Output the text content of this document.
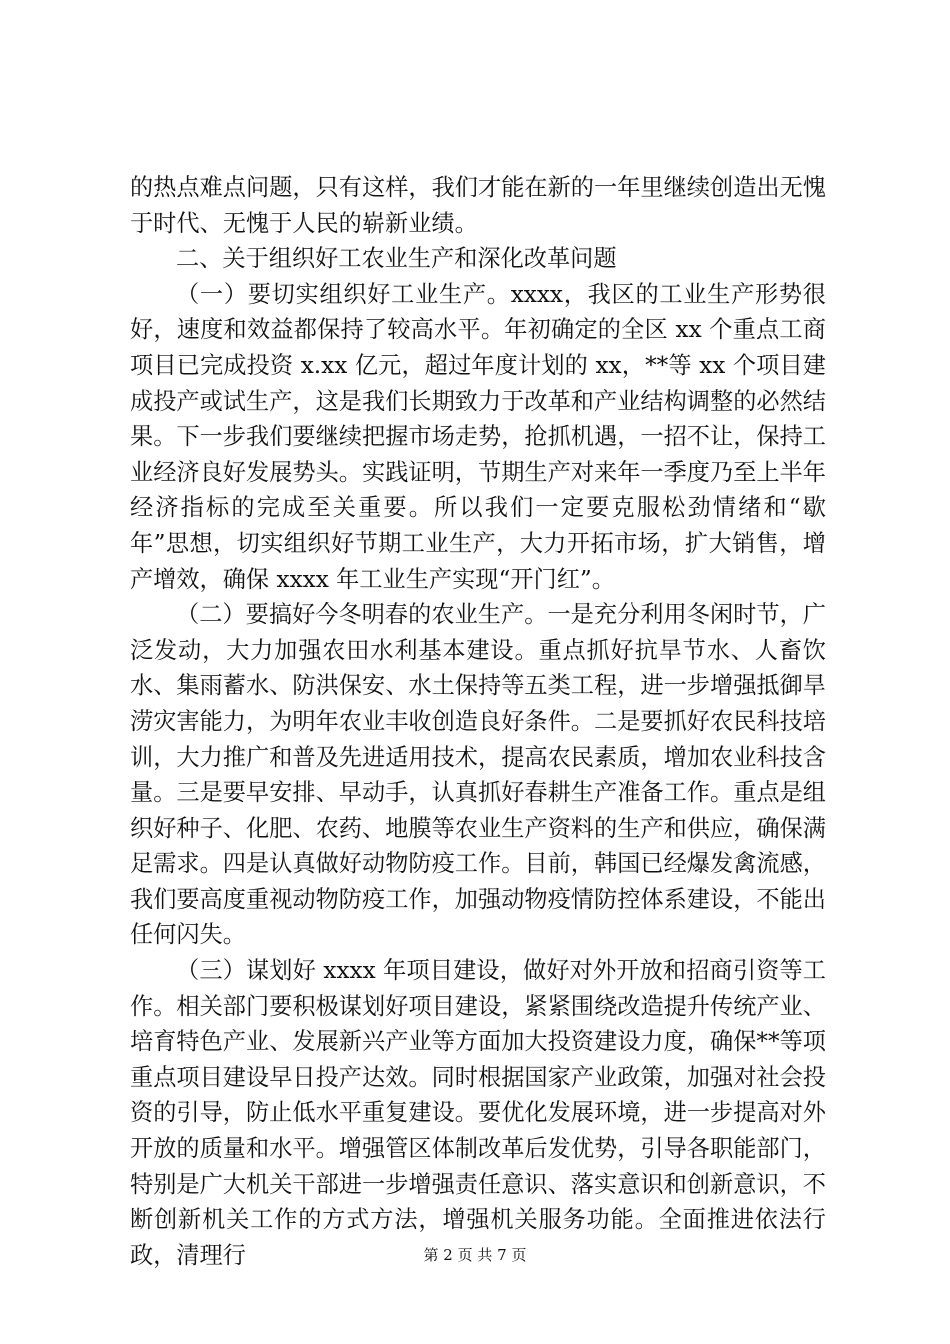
的热点难点问题，只有这样，我们才能在新的一年里继续创造出无愧于时代、无愧于人民的崭新业绩。

二、关于组织好工农业生产和深化改革问题

（一）要切实组织好工业生产。xxxx，我区的工业生产形势很好，速度和效益都保持了较高水平。年初确定的全区 xx 个重点工商项目已完成投资 x.xx 亿元，超过年度计划的 xx，**等 xx 个项目建成投产或试生产，这是我们长期致力于改革和产业结构调整的必然结果。下一步我们要继续把握市场走势，抢抓机遇，一招不让，保持工业经济良好发展势头。实践证明，节期生产对来年一季度乃至上半年经济指标的完成至关重要。所以我们一定要克服松劲情绪和“歇年”思想，切实组织好节期工业生产，大力开拓市场，扩大销售，增产增效，确保 xxxx 年工业生产实现“开门红”。

（二）要搞好今冬明春的农业生产。一是充分利用冬闲时节，广泛发动，大力加强农田水利基本建设。重点抓好抗旱节水、人畜饮水、集雨蓄水、防洪保安、水土保持等五类工程，进一步增强抵御旱涝灾害能力，为明年农业丰收创造良好条件。二是要抓好农民科技培训，大力推广和普及先进适用技术，提高农民素质，增加农业科技含量。三是要早安排、早动手，认真抓好春耕生产准备工作。重点是组织好种子、化肥、农药、地膜等农业生产资料的生产和供应，确保满足需求。四是认真做好动物防疫工作。目前，韩国已经爆发禽流感，我们要高度重视动物防疫工作，加强动物疫情防控体系建设，不能出任何闪失。

（三）谋划好 xxxx 年项目建设，做好对外开放和招商引资等工作。相关部门要积极谋划好项目建设，紧紧围绕改造提升传统产业、培育特色产业、发展新兴产业等方面加大投资建设力度，确保**等项重点项目建设早日投产达效。同时根据国家产业政策，加强对社会投资的引导，防止低水平重复建设。要优化发展环境，进一步提高对外开放的质量和水平。增强管区体制改革后发优势，引导各职能部门，特别是广大机关干部进一步增强责任意识、落实意识和创新意识，不断创新机关工作的方式方法，增强机关服务功能。全面推进依法行政，清理行	第 2 页 共 7 页
